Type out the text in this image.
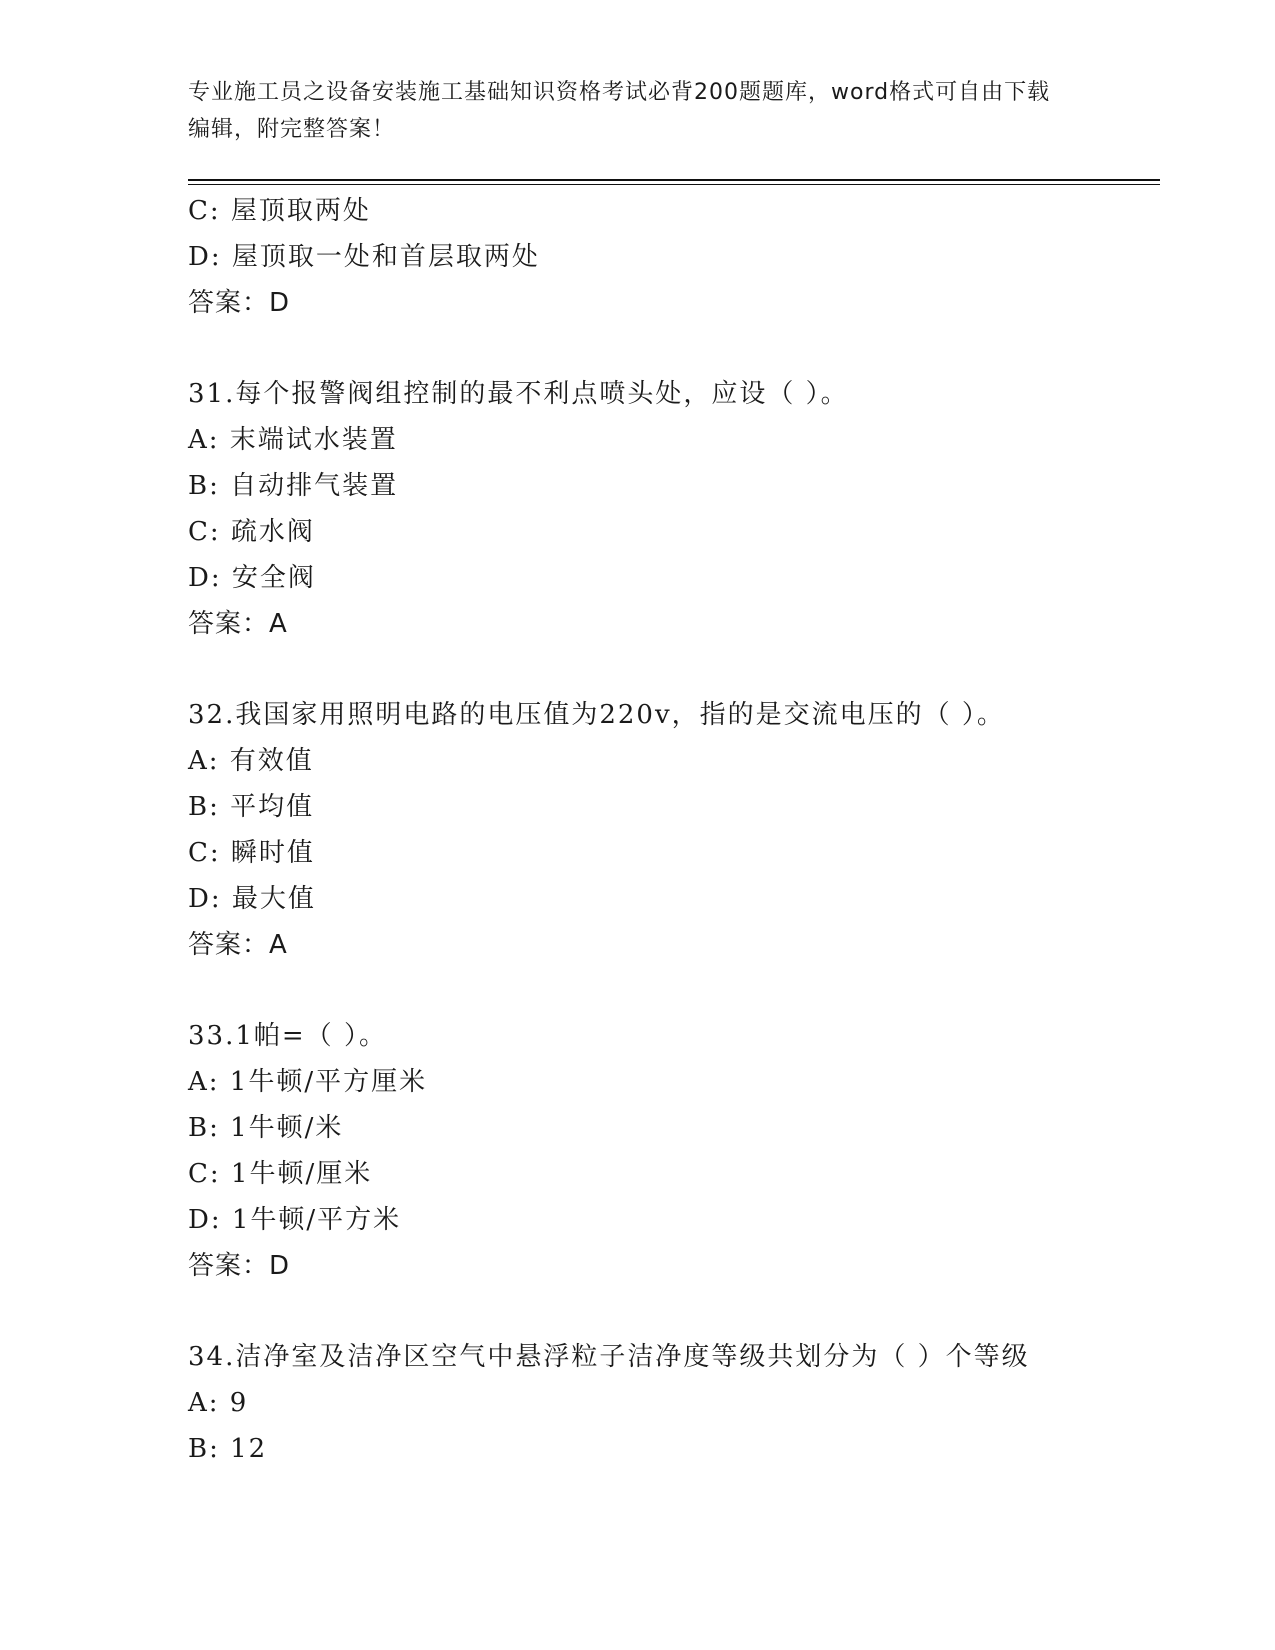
专业施工员之设备安装施工基础知识资格考试必背200题题库，word格式可自由下载编辑，附完整答案！
C: 屋顶取两处
D: 屋顶取一处和首层取两处
答案：D
31.每个报警阀组控制的最不利点喷头处，应设（ ）。
A: 末端试水装置
B: 自动排气装置
C: 疏水阀
D: 安全阀
答案：A
32.我国家用照明电路的电压值为220v，指的是交流电压的（ ）。
A: 有效值
B: 平均值
C: 瞬时值
D: 最大值
答案：A
33.1帕=（ ）。
A: 1牛顿/平方厘米
B: 1牛顿/米
C: 1牛顿/厘米
D: 1牛顿/平方米
答案：D
34.洁净室及洁净区空气中悬浮粒子洁净度等级共划分为（ ）个等级
A: 9
B: 12
